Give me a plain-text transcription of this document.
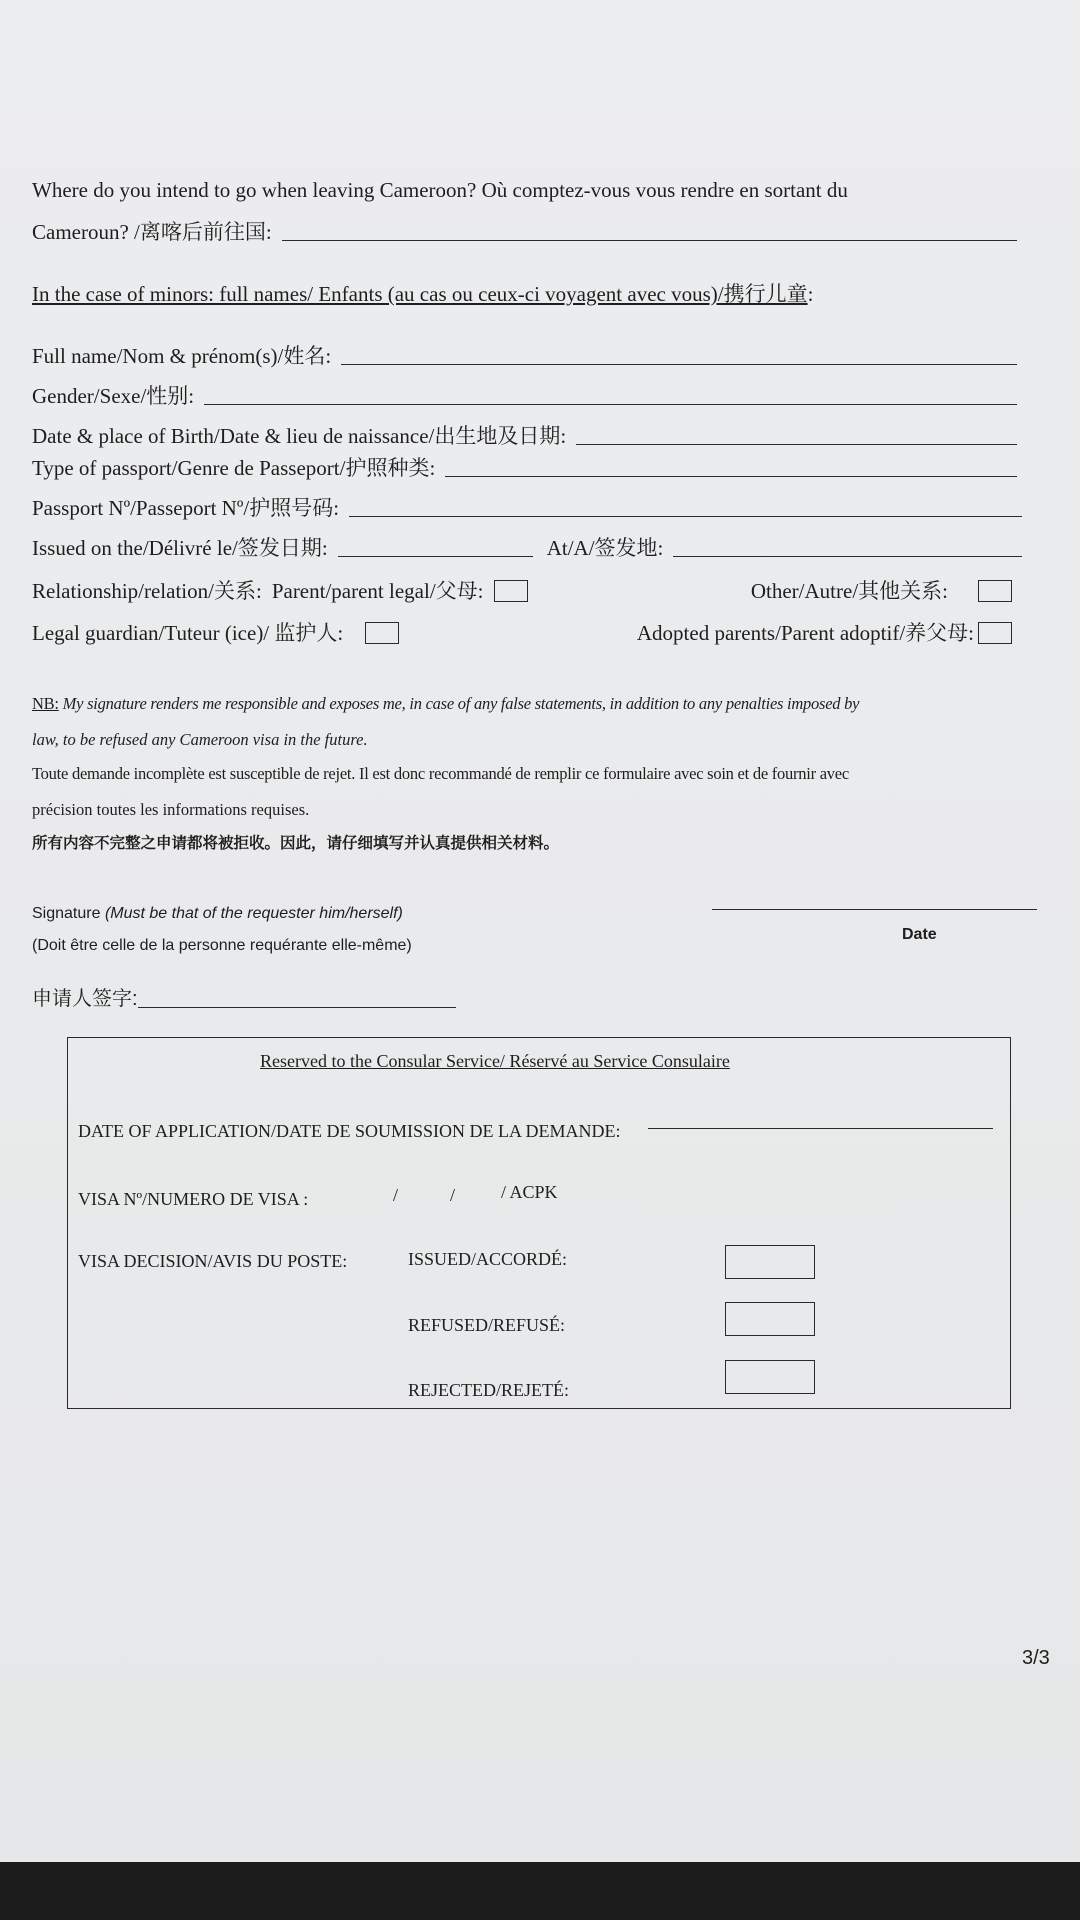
Where do you intend to go when leaving Cameroon? Où comptez-vous vous rendre en sortant du
Cameroun? /离喀后前往国:
In the case of minors: full names/ Enfants (au cas ou ceux-ci voyagent avec vous)/携行儿童 :
Full name/Nom & prénom(s)/姓名:
Gender/Sexe/性别:
Date & place of Birth/Date & lieu de naissance/出生地及日期:
Type of passport/Genre de Passeport/护照种类:
Passport Nº/Passeport Nº/护照号码:
Issued on the/Délivré le/签发日期:	At/A/签发地:
Relationship/relation/关系: Parent/parent legal/父母:	Other/Autre/其他关系:
Legal guardian/Tuteur (ice)/ 监护人:	Adopted parents/Parent adoptif/养父母:
NB:
My signature renders me responsible and exposes me, in case of any false statements, in addition to any penalties imposed by
law, to be refused any Cameroon visa in the future.
Toute demande incomplète est susceptible de rejet. Il est donc recommandé de remplir ce formulaire avec soin et de fournir avec
précision toutes les informations requises.
所有内容不完整之申请都将被拒收。因此，请仔细填写并认真提供相关材料。
Signature (Must be that of the requester him/herself)
(Doit être celle de la personne requérante elle-même)
Date
申请人签字:
Reserved to the Consular Service/ Réservé au Service Consulaire
DATE OF APPLICATION/DATE DE SOUMISSION DE LA DEMANDE:
VISA Nº/NUMERO DE VISA :	/	/	/ ACPK
VISA DECISION/AVIS DU POSTE:	ISSUED/ACCORDÉ:
REFUSED/REFUSÉ:
REJECTED/REJETÉ:
3/3
